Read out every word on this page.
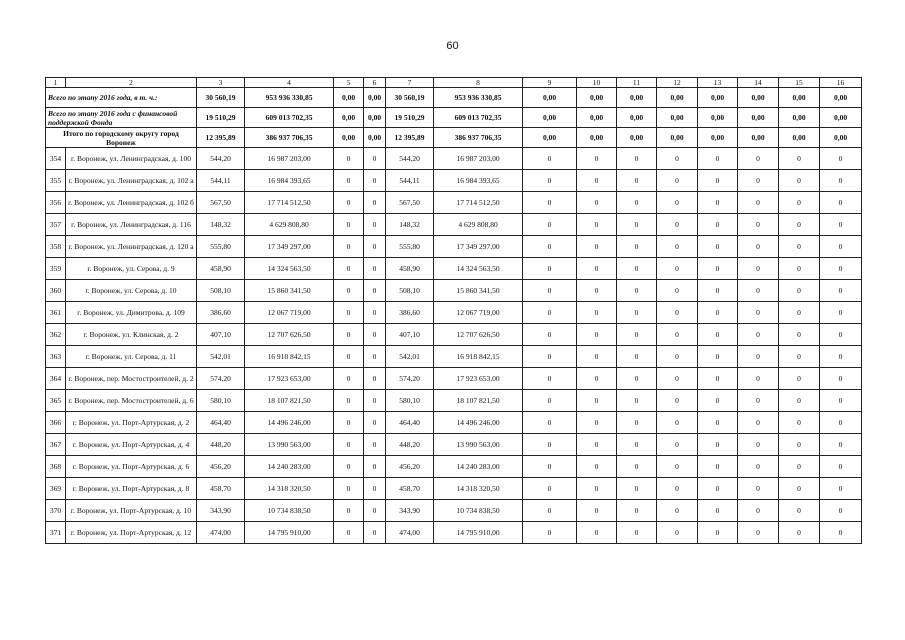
60
1	2	3	4	5	6	7	8	9	10	11	12	13	14	15	16
Всего по этапу 2016 года, в т. ч.:		30 560,19	953 936 330,85	0,00	0,00	30 560,19	953 936 330,85	0,00	0,00	0,00	0,00	0,00	0,00	0,00	0,00
Всего по этапу 2016 года с финансовой поддержкой Фонда		19 510,29	609 013 702,35	0,00	0,00	19 510,29	609 013 702,35	0,00	0,00	0,00	0,00	0,00	0,00	0,00	0,00
Итого по городскому округу город Воронеж		12 395,89	386 937 706,35	0,00	0,00	12 395,89	386 937 706,35	0,00	0,00	0,00	0,00	0,00	0,00	0,00	0,00
354	г. Воронеж, ул. Ленинградская, д. 100	544,20	16 987 203,00	0	0	544,20	16 987 203,00	0	0	0	0	0	0	0	0
355	г. Воронеж, ул. Ленинградская, д. 102 а	544,11	16 984 393,65	0	0	544,11	16 984 393,65	0	0	0	0	0	0	0	0
356	г. Воронеж, ул. Ленинградская, д. 102 б	567,50	17 714 512,50	0	0	567,50	17 714 512,50	0	0	0	0	0	0	0	0
357	г. Воронеж, ул. Ленинградская, д. 116	148,32	4 629 808,80	0	0	148,32	4 629 808,80	0	0	0	0	0	0	0	0
358	г. Воронеж, ул. Ленинградская, д. 120 а	555,80	17 349 297,00	0	0	555,80	17 349 297,00	0	0	0	0	0	0	0	0
359	г. Воронеж, ул. Серова, д. 9	458,90	14 324 563,50	0	0	458,90	14 324 563,50	0	0	0	0	0	0	0	0
360	г. Воронеж, ул. Серова, д. 10	508,10	15 860 341,50	0	0	508,10	15 860 341,50	0	0	0	0	0	0	0	0
361	г. Воронеж, ул. Димитрова, д. 109	386,60	12 067 719,00	0	0	386,60	12 067 719,00	0	0	0	0	0	0	0	0
362	г. Воронеж, ул. Клинская, д. 2	407,10	12 707 626,50	0	0	407,10	12 707 626,50	0	0	0	0	0	0	0	0
363	г. Воронеж, ул. Серова, д. 11	542,01	16 918 842,15	0	0	542,01	16 918 842,15	0	0	0	0	0	0	0	0
364	г. Воронеж, пер. Мостостроителей, д. 2	574,20	17 923 653,00	0	0	574,20	17 923 653,00	0	0	0	0	0	0	0	0
365	г. Воронеж, пер. Мостостроителей, д. 6	580,10	18 107 821,50	0	0	580,10	18 107 821,50	0	0	0	0	0	0	0	0
366	г. Воронеж, ул. Порт-Артурская, д. 2	464,40	14 496 246,00	0	0	464,40	14 496 246,00	0	0	0	0	0	0	0	0
367	г. Воронеж, ул. Порт-Артурская, д. 4	448,20	13 990 563,00	0	0	448,20	13 990 563,00	0	0	0	0	0	0	0	0
368	г. Воронеж, ул. Порт-Артурская, д. 6	456,20	14 240 283,00	0	0	456,20	14 240 283,00	0	0	0	0	0	0	0	0
369	г. Воронеж, ул. Порт-Артурская, д. 8	458,70	14 318 320,50	0	0	458,70	14 318 320,50	0	0	0	0	0	0	0	0
370	г. Воронеж, ул. Порт-Артурская, д. 10	343,90	10 734 838,50	0	0	343,90	10 734 838,50	0	0	0	0	0	0	0	0
371	г. Воронеж, ул. Порт-Артурская, д. 12	474,00	14 795 910,00	0	0	474,00	14 795 910,00	0	0	0	0	0	0	0	0
